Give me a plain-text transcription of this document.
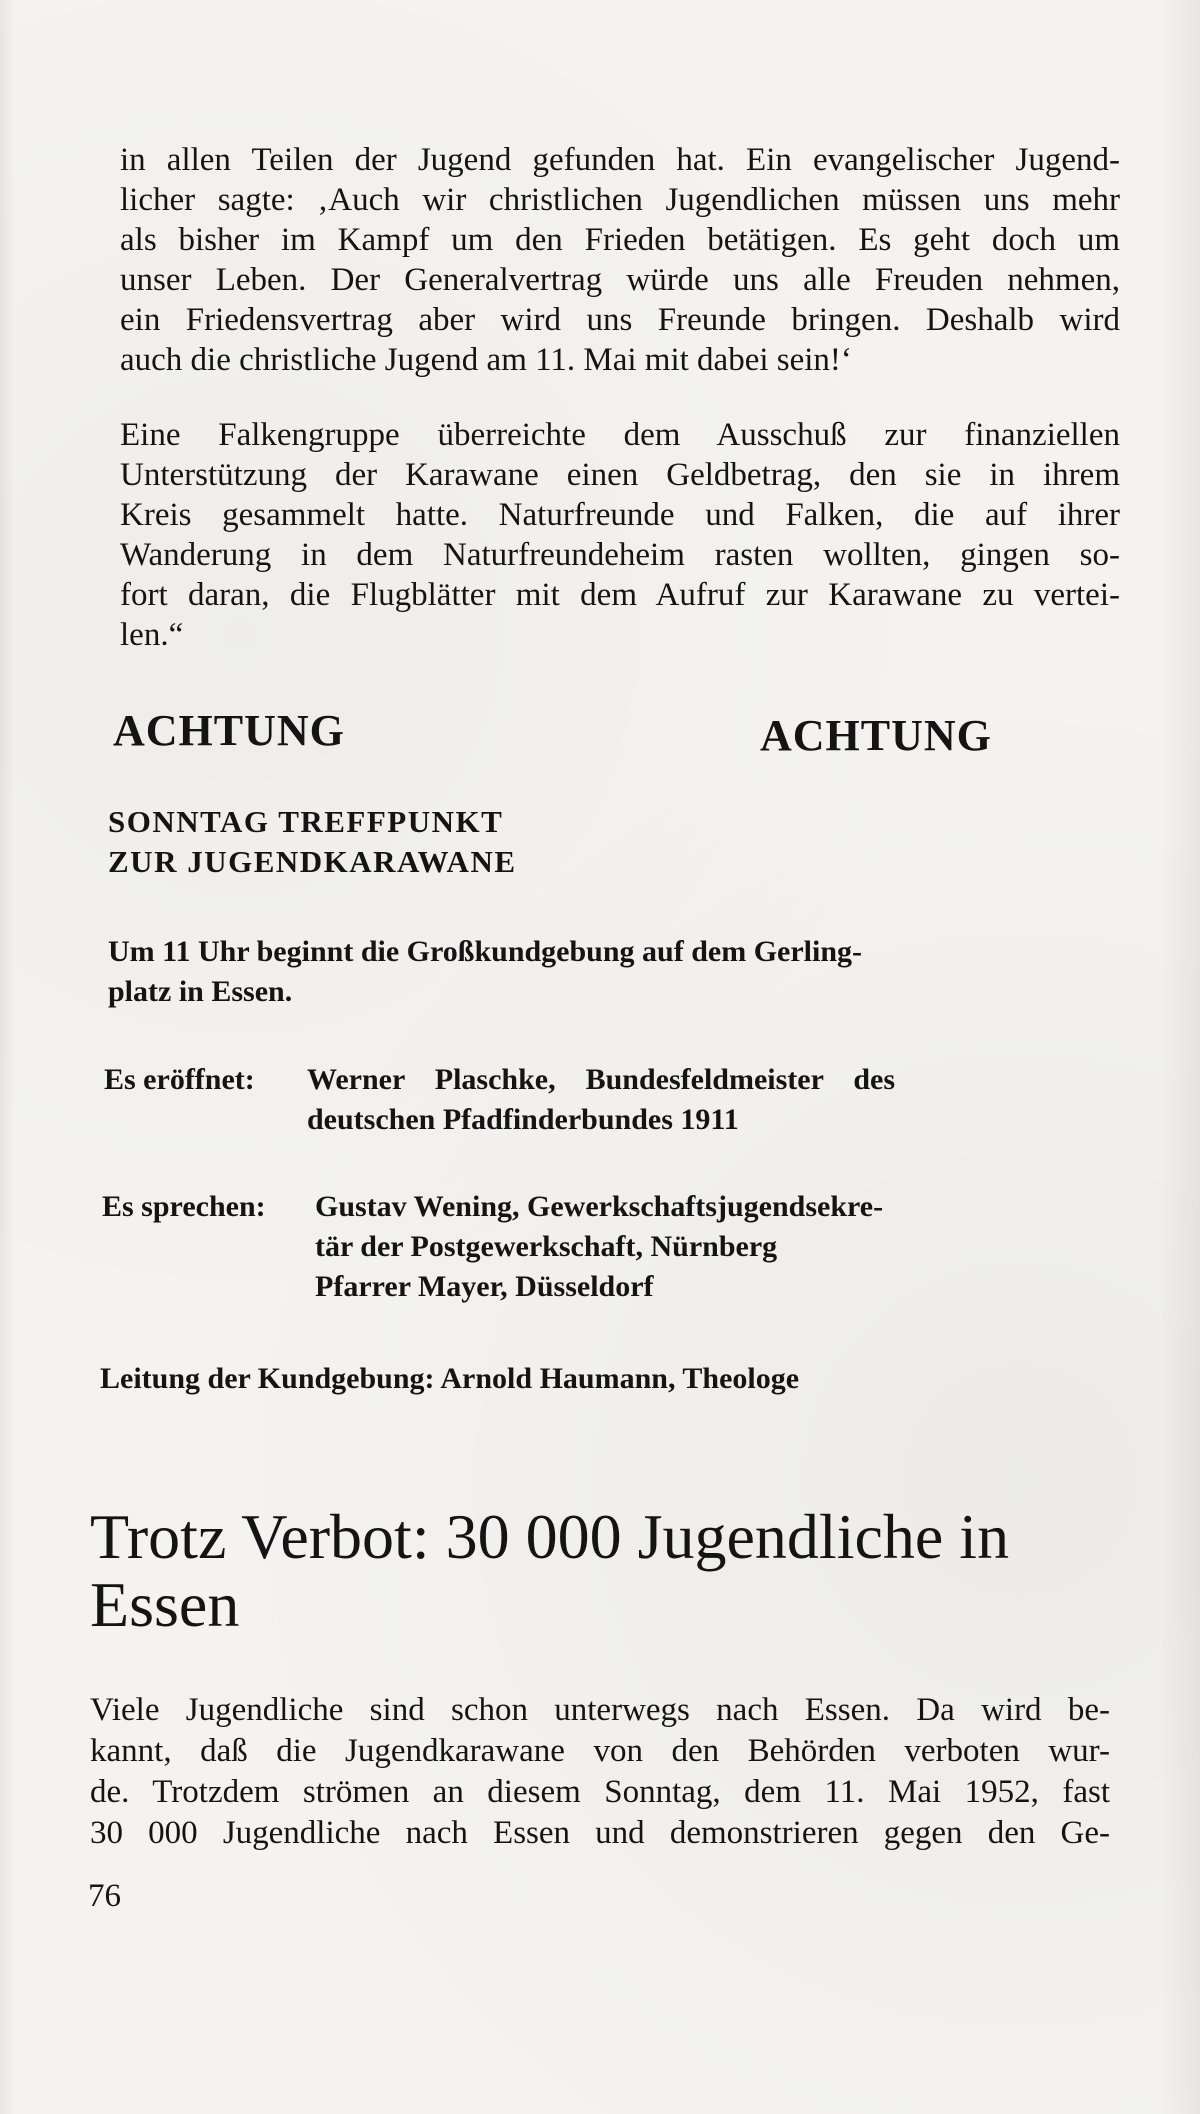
in allen Teilen der Jugend gefunden hat. Ein evangelischer Jugend-
licher sagte: ‚Auch wir christlichen Jugendlichen müssen uns mehr
als bisher im Kampf um den Frieden betätigen. Es geht doch um
unser Leben. Der Generalvertrag würde uns alle Freuden nehmen,
ein Friedensvertrag aber wird uns Freunde bringen. Deshalb wird
auch die christliche Jugend am 11. Mai mit dabei sein!‘

Eine Falkengruppe überreichte dem Ausschuß zur finanziellen
Unterstützung der Karawane einen Geldbetrag, den sie in ihrem
Kreis gesammelt hatte. Naturfreunde und Falken, die auf ihrer
Wanderung in dem Naturfreundeheim rasten wollten, gingen so-
fort daran, die Flugblätter mit dem Aufruf zur Karawane zu vertei-
len.“

ACHTUNG	ACHTUNG
SONNTAG TREFFPUNKT
ZUR JUGENDKARAWANE
Um 11 Uhr beginnt die Großkundgebung auf dem Gerling-
platz in Essen.
Es eröffnet: Werner    Plaschke,    Bundesfeldmeister    des
deutschen Pfadfinderbundes 1911
Es sprechen: Gustav Wening, Gewerkschaftsjugendsekre-
tär der Postgewerkschaft, Nürnberg
Pfarrer Mayer, Düsseldorf
Leitung der Kundgebung: Arnold Haumann, Theologe
Trotz Verbot: 30 000 Jugendliche in
Essen

Viele Jugendliche sind schon unterwegs nach Essen. Da wird be-
kannt, daß die Jugendkarawane von den Behörden verboten wur-
de. Trotzdem strömen an diesem Sonntag, dem 11. Mai 1952, fast
30 000 Jugendliche nach Essen und demonstrieren gegen den Ge-

76
